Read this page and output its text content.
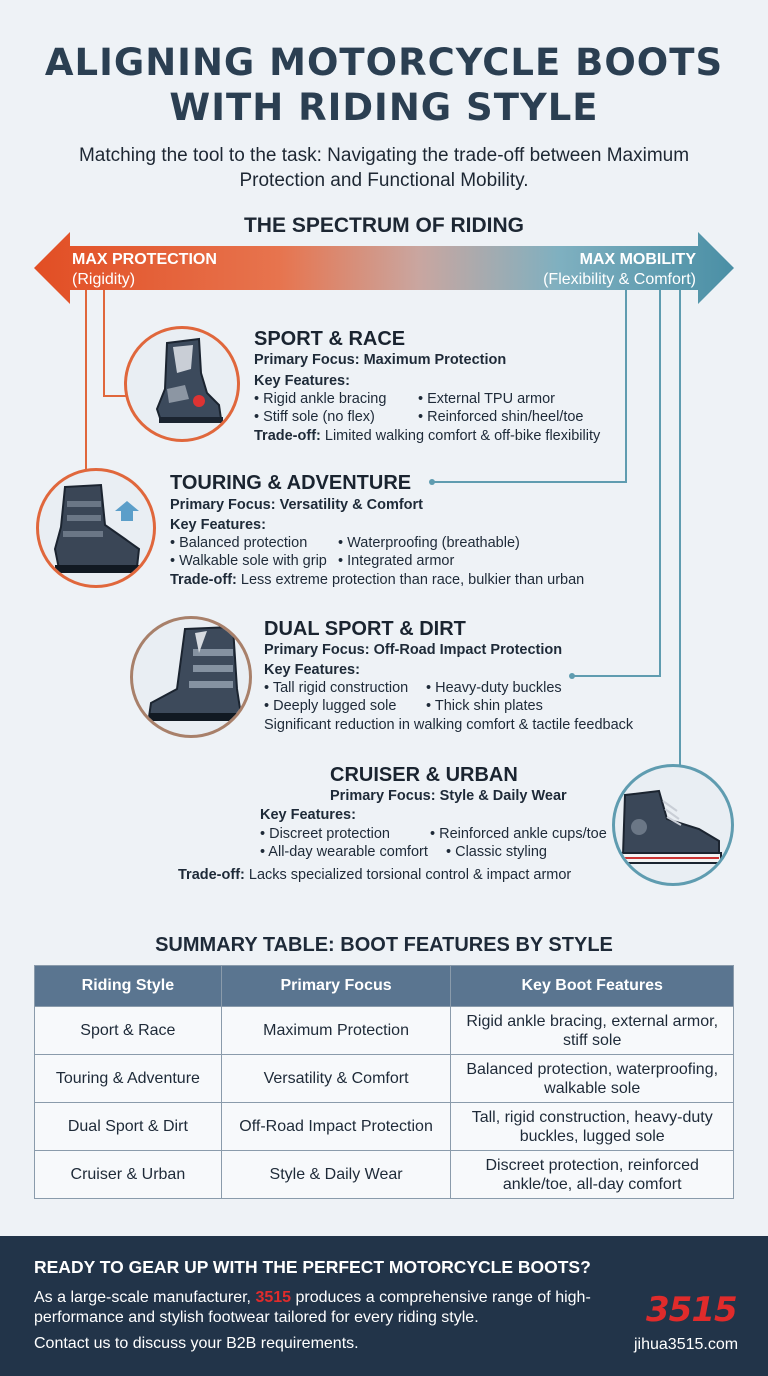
ALIGNING MOTORCYCLE BOOTS
WITH RIDING STYLE
Matching the tool to the task: Navigating the trade-off between Maximum Protection and Functional Mobility.
THE SPECTRUM OF RIDING
MAX PROTECTION
(Rigidity)
MAX MOBILITY
(Flexibility & Comfort)
SPORT & RACE
Primary Focus: Maximum Protection
Key Features:
• Rigid ankle bracing • External TPU armor
• Stiff sole (no flex)	• Reinforced shin/heel/toe
Trade-off: Limited walking comfort & off-bike flexibility
TOURING & ADVENTURE
Primary Focus: Versatility & Comfort
Key Features:
• Balanced protection • Waterproofing (breathable)
• Walkable sole with grip • Integrated armor
Trade-off: Less extreme protection than race, bulkier than urban
DUAL SPORT & DIRT
Primary Focus: Off-Road Impact Protection
Key Features:
• Tall rigid construction • Heavy-duty buckles
• Deeply lugged sole • Thick shin plates
Significant reduction in walking comfort & tactile feedback
CRUISER & URBAN
Primary Focus: Style & Daily Wear
Key Features:
• Discreet protection	• Reinforced ankle cups/toe
• All-day wearable comfort • Classic styling
Trade-off: Lacks specialized torsional control & impact armor
SUMMARY TABLE: BOOT FEATURES BY STYLE
Riding Style	Primary Focus	Key Boot Features
Sport & Race	Maximum Protection	Rigid ankle bracing, external armor, stiff sole
Touring & Adventure	Versatility & Comfort	Balanced protection, waterproofing, walkable sole
Dual Sport & Dirt	Off-Road Impact Protection	Tall, rigid construction, heavy-duty buckles, lugged sole
Cruiser & Urban	Style & Daily Wear	Discreet protection, reinforced ankle/toe, all-day comfort
READY TO GEAR UP WITH THE PERFECT MOTORCYCLE BOOTS?
As a large-scale manufacturer, 3515 produces a comprehensive range of high-performance and stylish footwear tailored for every riding style.
Contact us to discuss your B2B requirements.
3515
jihua3515.com
